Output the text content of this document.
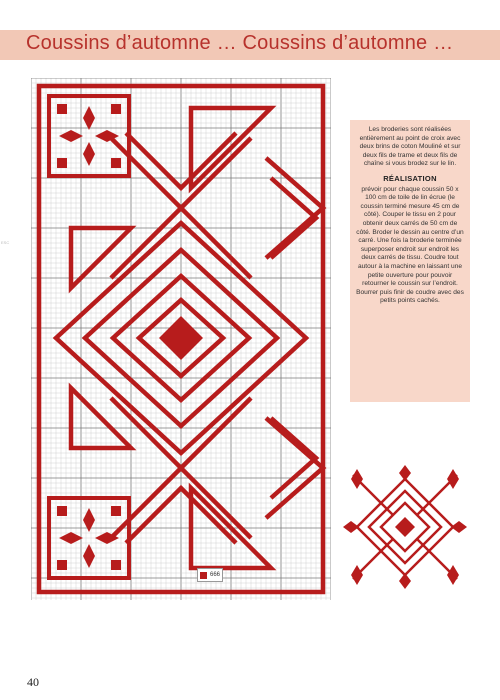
Coussins d’automne … Coussins d’automne …
ESC
666

Les broderies sont réalisées entièrement au point de croix avec deux brins de coton Mouliné et sur deux fils de trame et deux fils de chaîne si vous brodez sur le lin.

RÉALISATION

prévoir pour chaque coussin 50 x 100 cm de toile de lin écrue (le coussin terminé mesure 45 cm de côté). Couper le tissu en 2 pour obtenir deux carrés de 50 cm de côté. Broder le dessin au centre d’un carré. Une fois la broderie terminée superposer endroit sur endroit les deux carrés de tissu. Coudre tout autour à la machine en laissant une petite ouverture pour pouvoir retourner le coussin sur l’endroit. Bourrer puis finir de coudre avec des petits points cachés.

40
